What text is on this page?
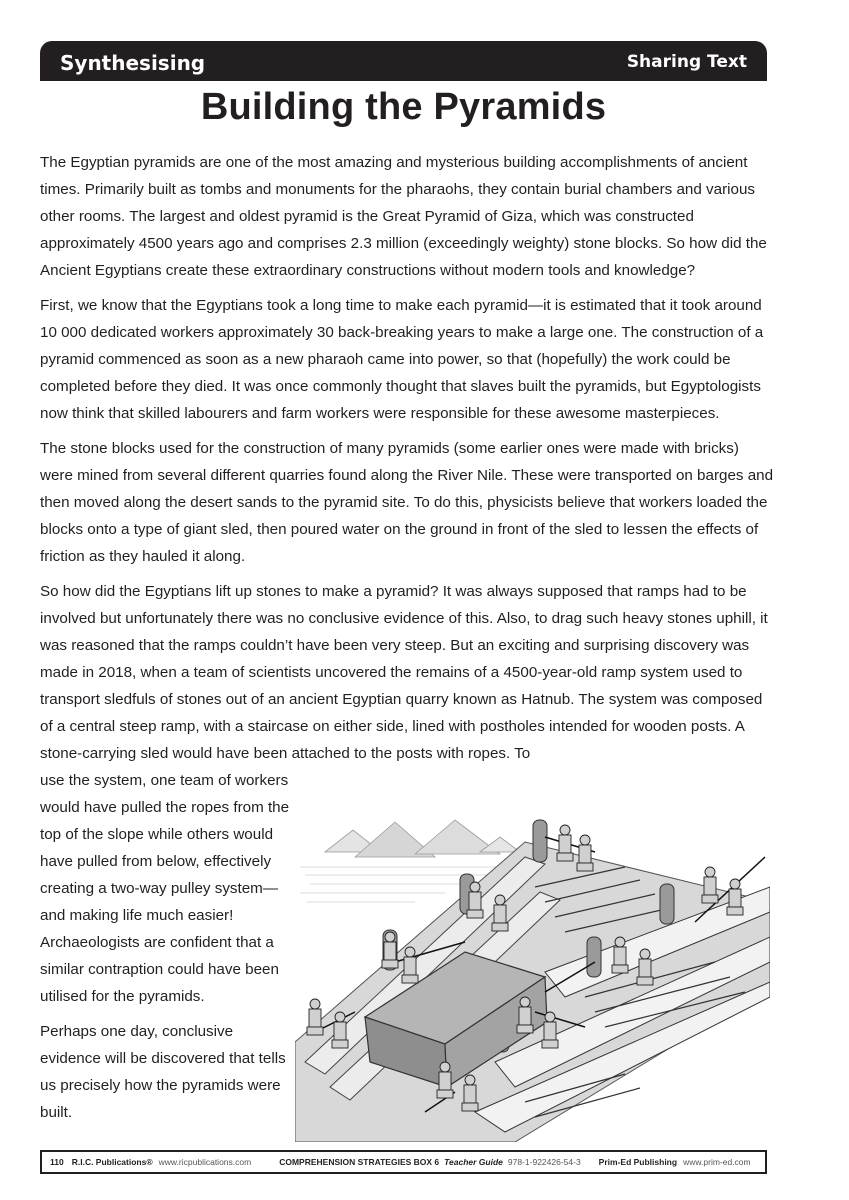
Synthesising	Sharing Text
Building the Pyramids

The Egyptian pyramids are one of the most amazing and mysterious building accomplishments of ancient times. Primarily built as tombs and monuments for the pharaohs, they contain burial chambers and various other rooms. The largest and oldest pyramid is the Great Pyramid of Giza, which was constructed approximately 4500 years ago and comprises 2.3 million (exceedingly weighty) stone blocks. So how did the Ancient Egyptians create these extraordinary constructions without modern tools and knowledge?

First, we know that the Egyptians took a long time to make each pyramid—it is estimated that it took around 10 000 dedicated workers approximately 30 back-breaking years to make a large one. The construction of a pyramid commenced as soon as a new pharaoh came into power, so that (hopefully) the work could be completed before they died. It was once commonly thought that slaves built the pyramids, but Egyptologists now think that skilled labourers and farm workers were responsible for these awesome masterpieces.

The stone blocks used for the construction of many pyramids (some earlier ones were made with bricks) were mined from several different quarries found along the River Nile. These were transported on barges and then moved along the desert sands to the pyramid site. To do this, physicists believe that workers loaded the blocks onto a type of giant sled, then poured water on the ground in front of the sled to lessen the effects of friction as they hauled it along.

So how did the Egyptians lift up stones to make a pyramid? It was always supposed that ramps had to be involved but unfortunately there was no conclusive evidence of this. Also, to drag such heavy stones uphill, it was reasoned that the ramps couldn’t have been very steep. But an exciting and surprising discovery was made in 2018, when a team of scientists uncovered the remains of a 4500-year-old ramp system used to transport sledfuls of stones out of an ancient Egyptian quarry known as Hatnub. The system was composed of a central steep ramp, with a staircase on either side, lined with postholes intended for wooden posts. A stone-carrying sled would have been attached to the posts with ropes. To

use the system, one team of workers would have pulled the ropes from the top of the slope while others would have pulled from below, effectively creating a two-way pulley system—and making life much easier! Archaeologists are confident that a similar contraption could have been utilised for the pyramids.

Perhaps one day, conclusive evidence will be discovered that tells us precisely how the pyramids were built.

110 R.I.C. Publications® www.ricpublications.com	COMPREHENSION STRATEGIES BOX 6 Teacher Guide 978-1-922426-54-3 Prim-Ed Publishing www.prim-ed.com
